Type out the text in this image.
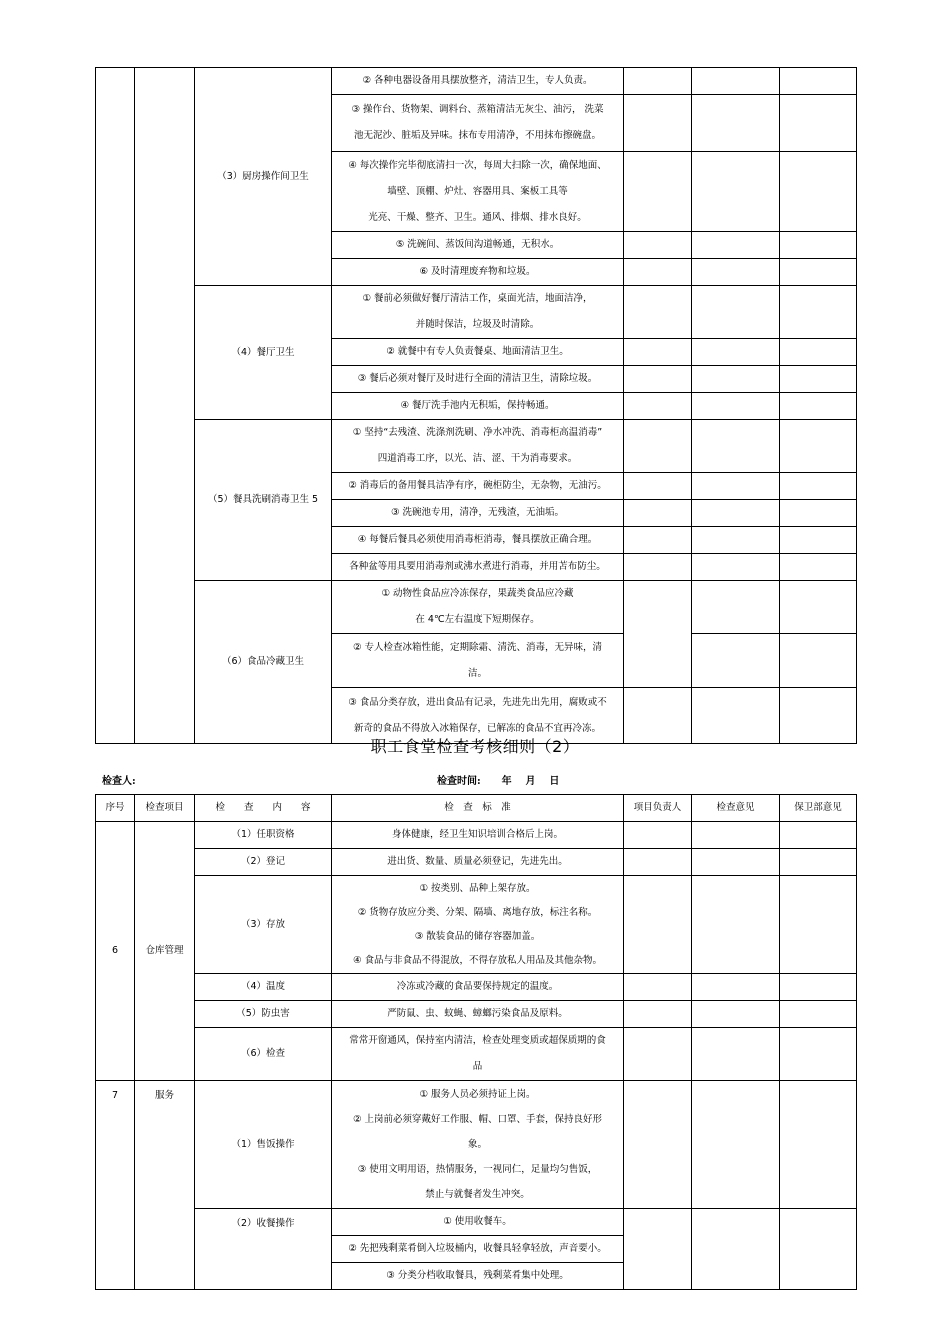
		（3）厨房操作间卫生	② 各种电器设备用具摆放整齐，清洁卫生，专人负责。			

			③ 操作台、货物架、调料台、蒸箱清洁无灰尘、油污， 洗菜
池无泥沙、脏垢及异味。抹布专用清净，不用抹布擦碗盘。			

			④ 每次操作完毕彻底清扫一次，每周大扫除一次，确保地面、
墙壁、顶棚、炉灶、容器用具、案板工具等
光亮、干燥、整齐、卫生。通风、排烟、排水良好。			

			⑤ 洗碗间、蒸饭间沟道畅通，无积水。			
			⑥ 及时清理废弃物和垃圾。			
		（4）餐厅卫生	① 餐前必须做好餐厅清洁工作，桌面光洁，地面洁净，
并随时保洁，垃圾及时清除。			

			② 就餐中有专人负责餐桌、地面清洁卫生。			
			③ 餐后必须对餐厅及时进行全面的清洁卫生，清除垃圾。			
			④ 餐厅洗手池内无积垢，保持畅通。			
		（5）餐具洗刷消毒卫生 5	① 坚持“去残渣、洗涤剂洗刷、净水冲洗、消毒柜高温消毒”
四道消毒工序，以光、洁、涩、干为消毒要求。			

			② 消毒后的备用餐具洁净有序，碗柜防尘，无杂物，无油污。			
			③ 洗碗池专用，清净，无残渣，无油垢。			
			④ 每餐后餐具必须使用消毒柜消毒，餐具摆放正确合理。			
			各种盆等用具要用消毒剂或沸水煮进行消毒，并用苫布防尘。			
		（6）食品冷藏卫生	① 动物性食品应冷冻保存，果蔬类食品应冷藏
在 4℃左右温度下短期保存。			

			② 专人检查冰箱性能，定期除霜、清洗、消毒，无异味，清
洁。			

			③ 食品分类存放，进出食品有记录，先进先出先用，腐败或不
新奇的食品不得放入冰箱保存，已解冻的食品不宜再冷冻。			

职工食堂检查考核细则（2）
检查人:	检查时间:      年    月    日
序号	检查项目	检　　查　　内　　容	检　查　标　准	项目负责人	检查意见	保卫部意见
6	仓库管理	（1）任职资格	身体健康，经卫生知识培训合格后上岗。			
		（2）登记	进出货、数量、质量必须登记，先进先出。			
		（3）存放	① 按类别、品种上架存放。
② 货物存放应分类、分架、隔墙、离地存放，标注名称。
③ 散装食品的储存容器加盖。
④ 食品与非食品不得混放，不得存放私人用品及其他杂物。			

		（4）温度	冷冻或冷藏的食品要保持规定的温度。			
		（5）防虫害	严防鼠、虫、蚊蝇、蟑螂污染食品及原料。			
		（6）检查	常常开窗通风，保持室内清洁，检查处理变质或超保质期的食
品			

7	服务	（1）售饭操作	① 服务人员必须持证上岗。
② 上岗前必须穿戴好工作服、帽、口罩、手套，保持良好形
象。
③ 使用文明用语，热情服务，一视同仁，足量均匀售饭，
禁止与就餐者发生冲突。			

		（2）收餐操作	① 使用收餐车。			
			② 先把残剩菜肴倒入垃圾桶内，收餐具轻拿轻放，声音要小。			
			③ 分类分档收取餐具，残剩菜肴集中处理。			
